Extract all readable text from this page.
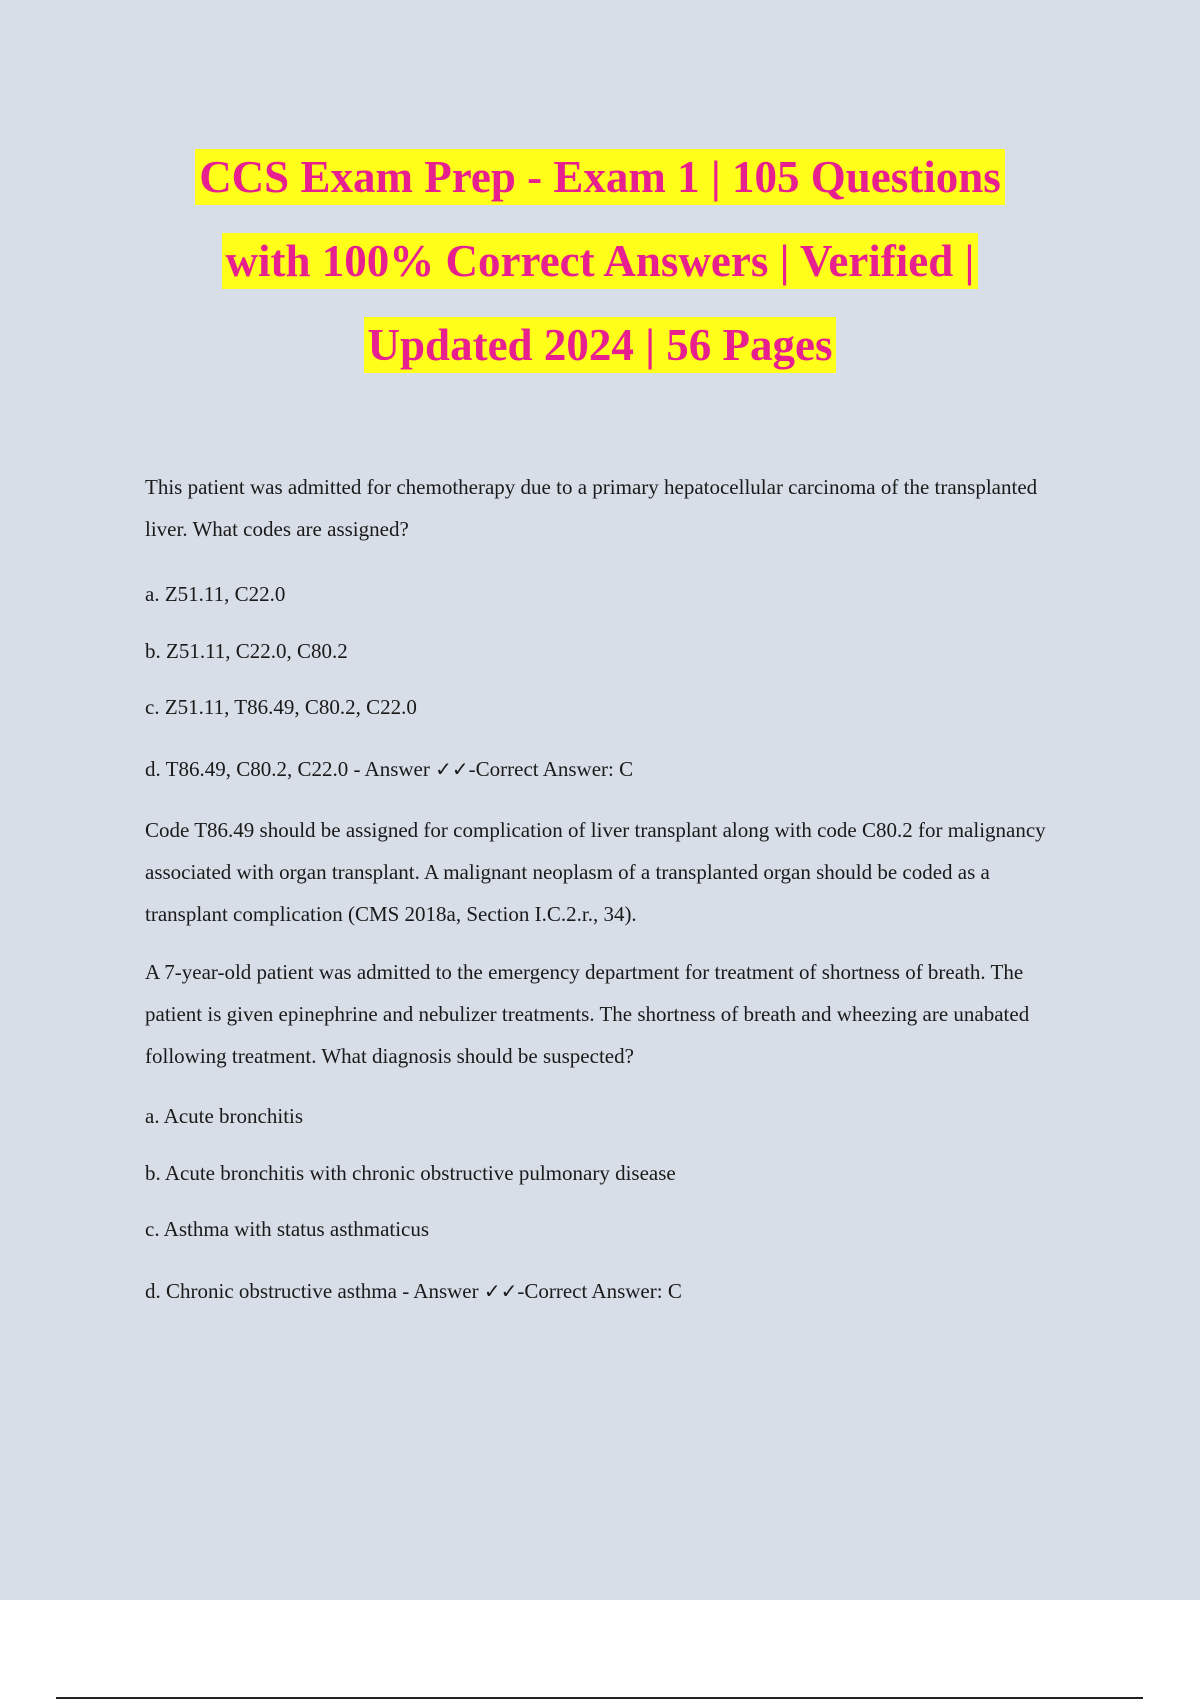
CCS Exam Prep - Exam 1 | 105 Questions
with 100% Correct Answers | Verified |
Updated 2024 | 56 Pages

This patient was admitted for chemotherapy due to a primary hepatocellular carcinoma of the transplanted liver. What codes are assigned?

a. Z51.11, C22.0

b. Z51.11, C22.0, C80.2

c. Z51.11, T86.49, C80.2, C22.0

d. T86.49, C80.2, C22.0 - Answer ✓✓-Correct Answer: C

Code T86.49 should be assigned for complication of liver transplant along with code C80.2 for malignancy associated with organ transplant. A malignant neoplasm of a transplanted organ should be coded as a transplant complication (CMS 2018a, Section I.C.2.r., 34).

A 7-year-old patient was admitted to the emergency department for treatment of shortness of breath. The patient is given epinephrine and nebulizer treatments. The shortness of breath and wheezing are unabated following treatment. What diagnosis should be suspected?

a. Acute bronchitis

b. Acute bronchitis with chronic obstructive pulmonary disease

c. Asthma with status asthmaticus

d. Chronic obstructive asthma - Answer ✓✓-Correct Answer: C
